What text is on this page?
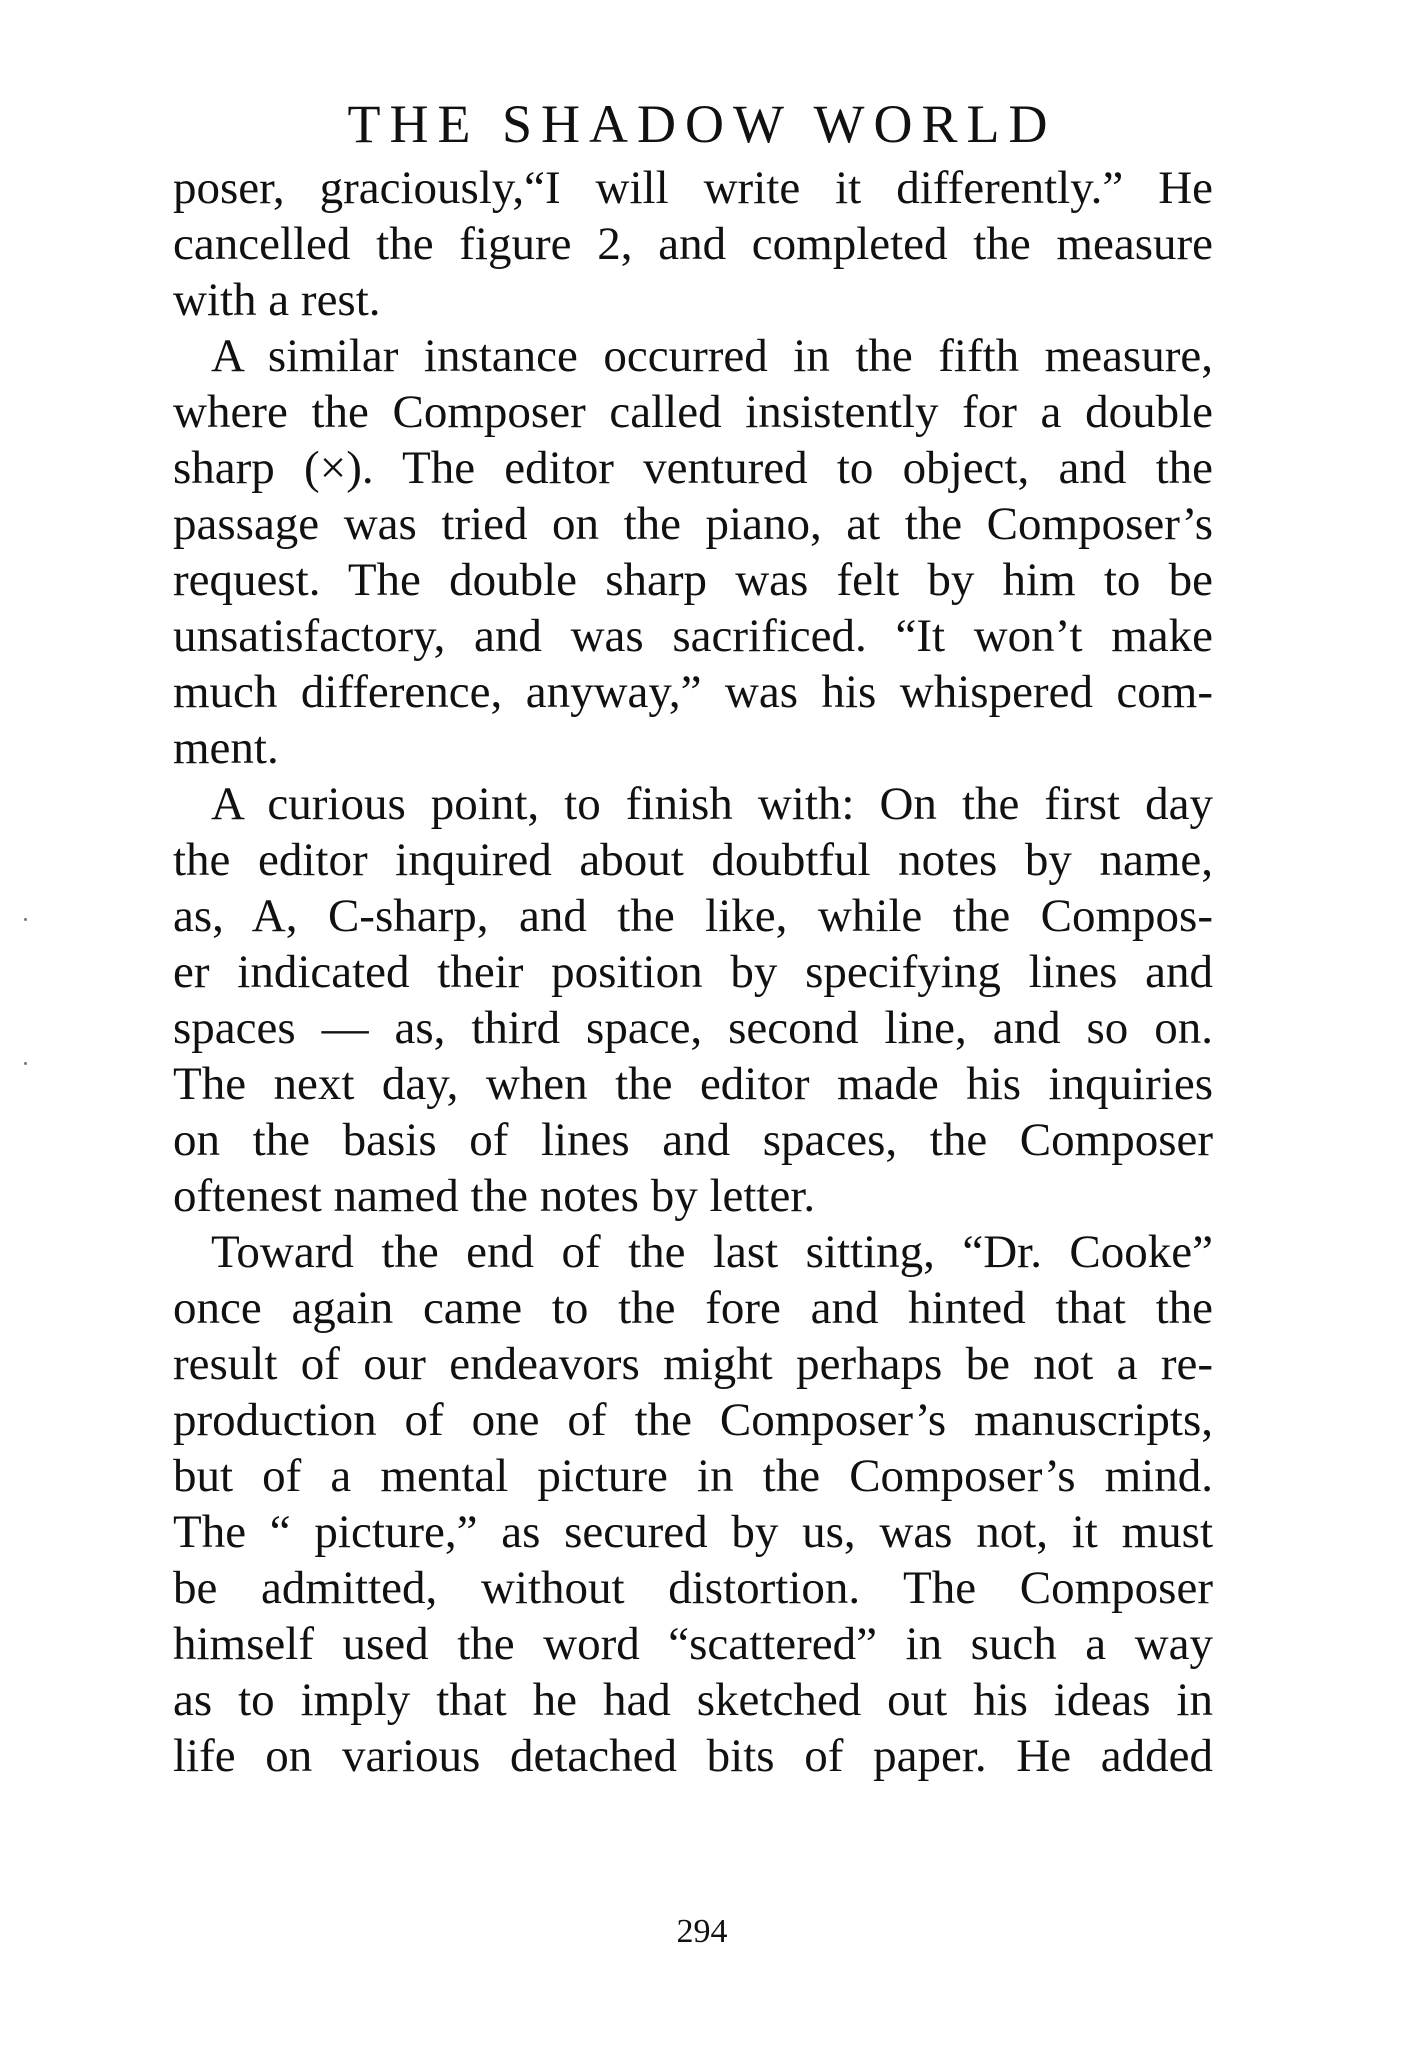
THE SHADOW WORLD
poser, graciously,“I will write it differently.” He
cancelled the figure 2, and completed the measure
with a rest.
A similar instance occurred in the fifth measure,
where the Composer called insistently for a double
sharp (×). The editor ventured to object, and the
passage was tried on the piano, at the Composer’s
request. The double sharp was felt by him to be
unsatisfactory, and was sacrificed. “It won’t make
much difference, anyway,” was his whispered com-
ment.
A curious point, to finish with: On the first day
the editor inquired about doubtful notes by name,
as, A, C-sharp, and the like, while the Compos-
er indicated their position by specifying lines and
spaces — as, third space, second line, and so on.
The next day, when the editor made his inquiries
on the basis of lines and spaces, the Composer
oftenest named the notes by letter.
Toward the end of the last sitting, “Dr. Cooke”
once again came to the fore and hinted that the
result of our endeavors might perhaps be not a re-
production of one of the Composer’s manuscripts,
but of a mental picture in the Composer’s mind.
The “ picture,” as secured by us, was not, it must
be admitted, without distortion. The Composer
himself used the word “scattered” in such a way
as to imply that he had sketched out his ideas in
life on various detached bits of paper. He added
294
